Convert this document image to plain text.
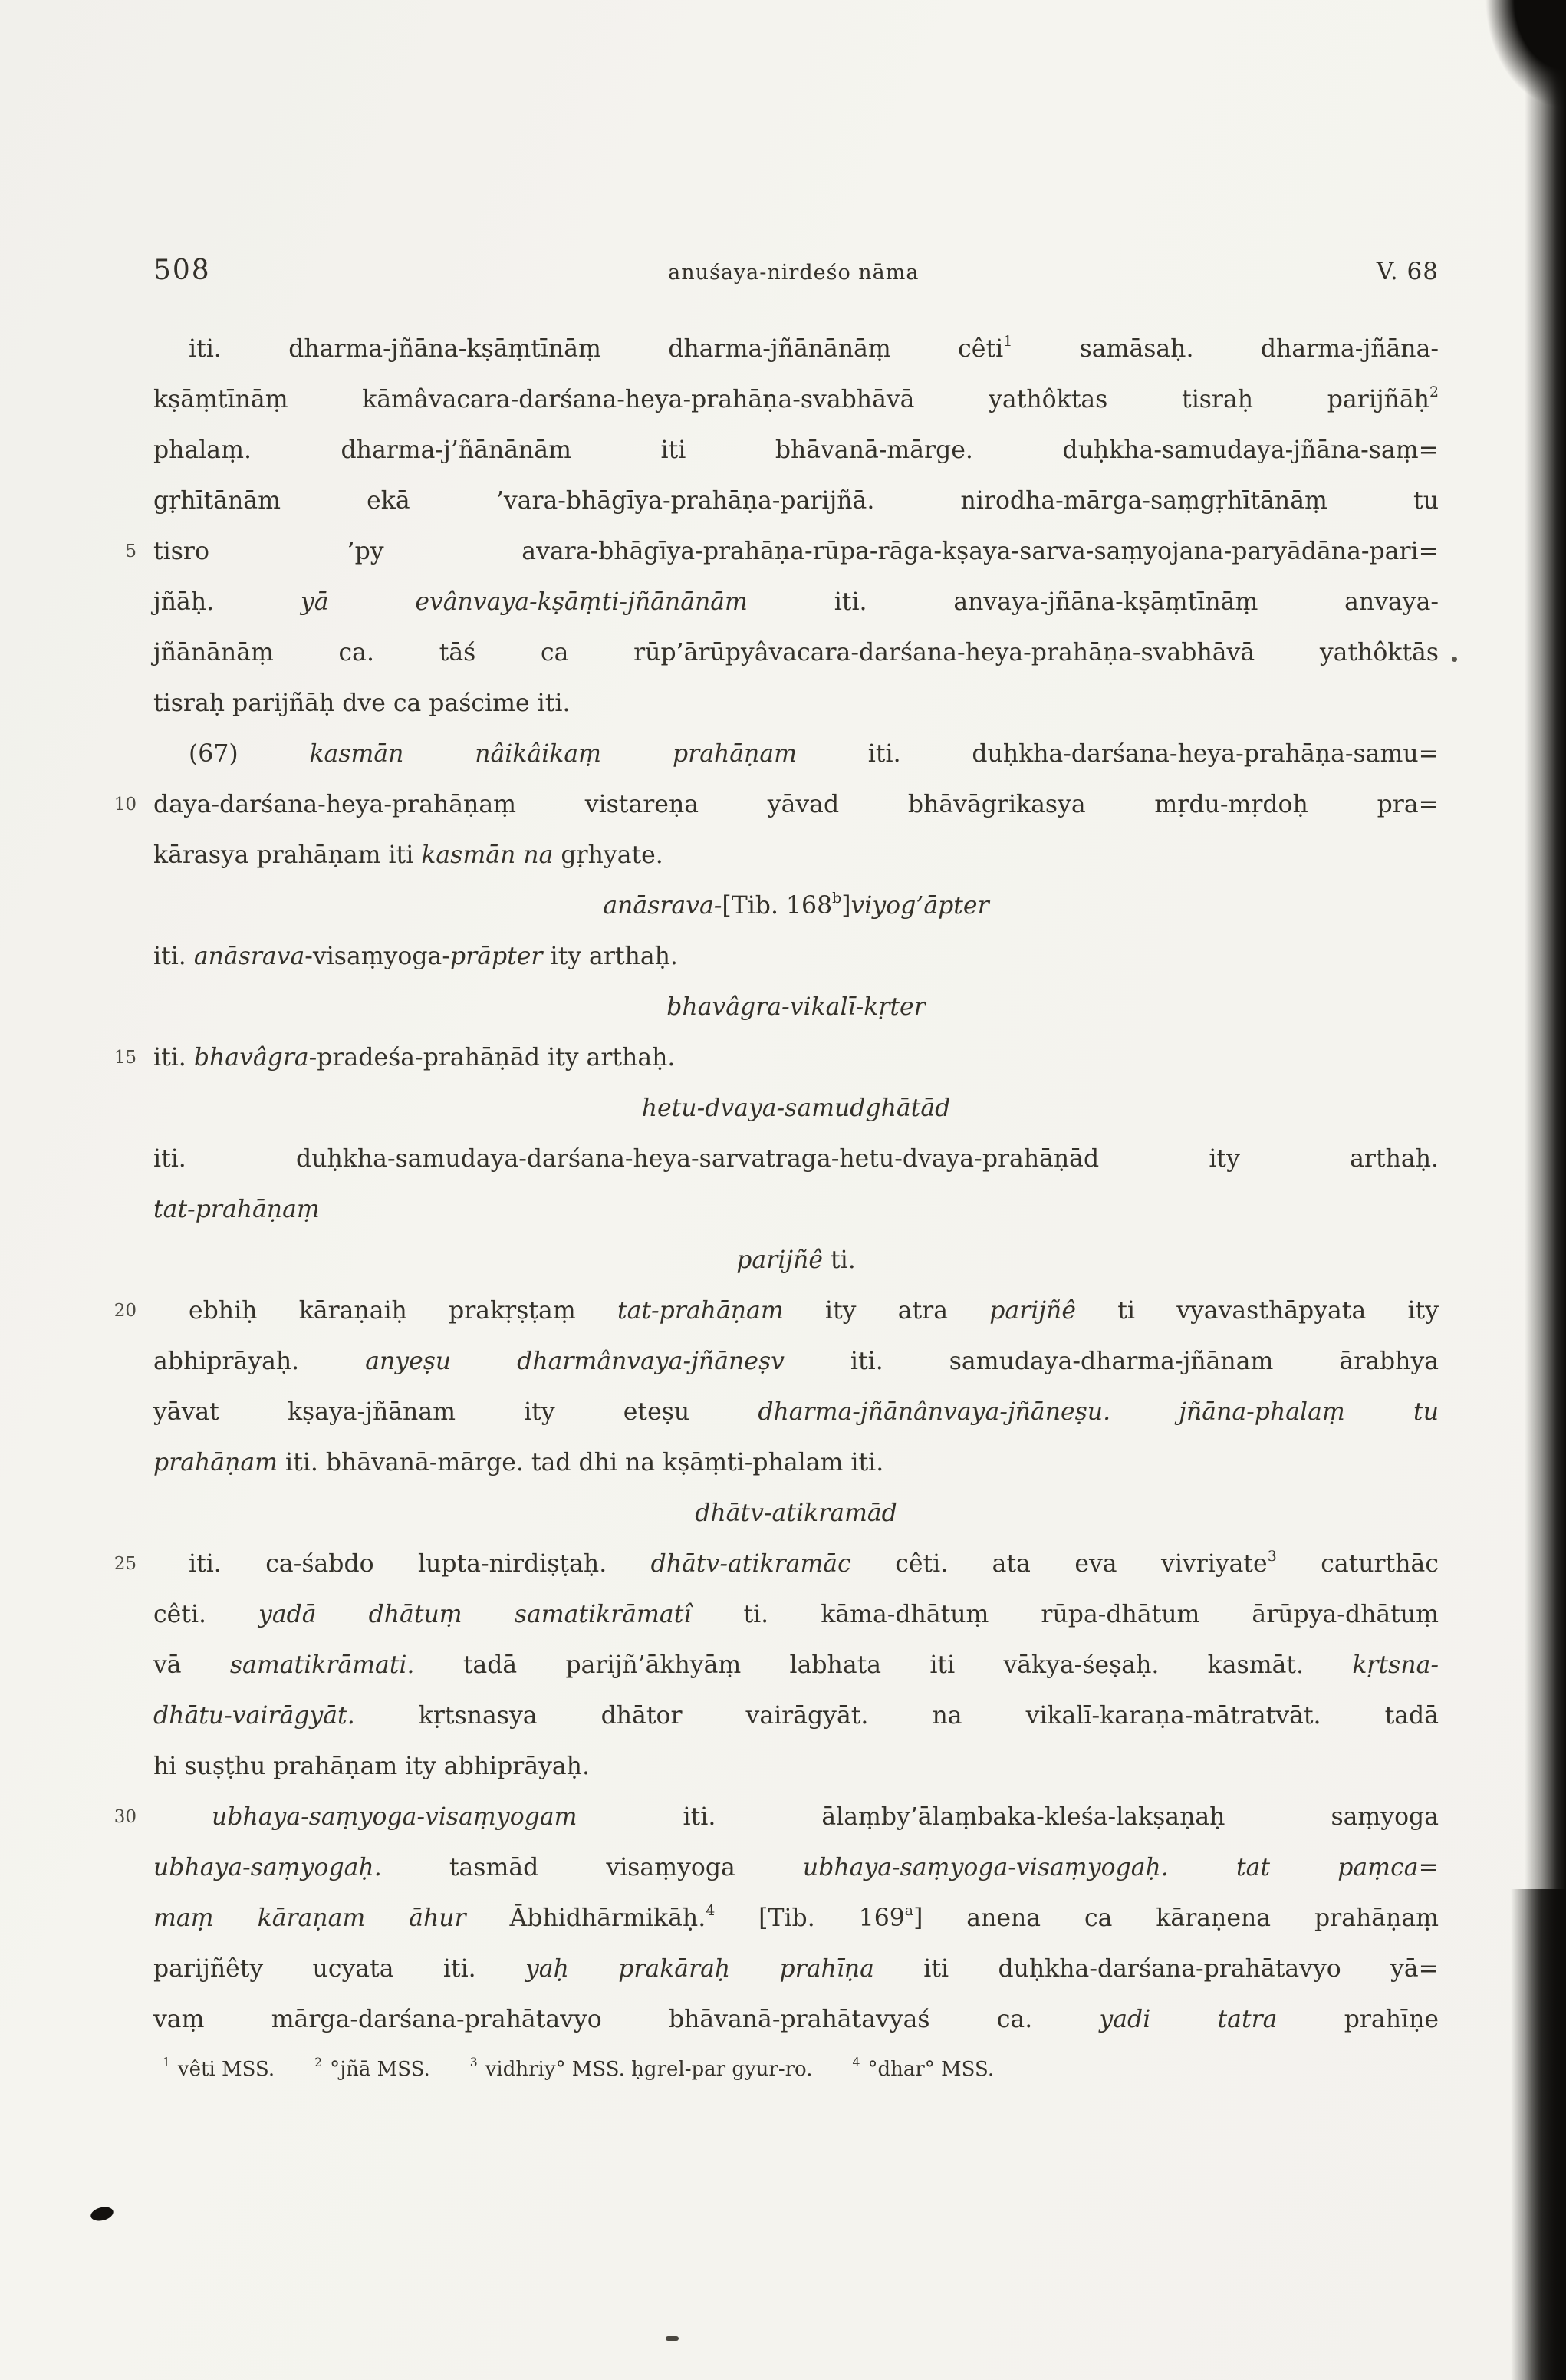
508	anuśaya-nirdeśo nāma	V. 68
iti. dharma-jñāna-kṣāṃtīnāṃ dharma-jñānānāṃ cêti$^1$ samāsaḥ. dharma-jñāna-
kṣāṃtīnāṃ kāmâvacara-darśana-heya-prahāṇa-svabhāvā yathôktas tisraḥ parijñāḥ$^2$
phalaṃ. dharma-j’ñānānām iti bhāvanā-mārge. duḥkha-samudaya-jñāna-saṃ=
gṛhītānām ekā ’vara-bhāgīya-prahāṇa-parijñā. nirodha-mārga-saṃgṛhītānāṃ tu
5 tisro ’py avara-bhāgīya-prahāṇa-rūpa-rāga-kṣaya-sarva-saṃyojana-paryādāna-pari=
jñāḥ. yā evânvaya-kṣāṃti-jñānānām iti. anvaya-jñāna-kṣāṃtīnāṃ anvaya-
jñānānāṃ ca. tāś ca rūp’ārūpyâvacara-darśana-heya-prahāṇa-svabhāvā yathôktās
tisraḥ parijñāḥ dve ca paścime iti.
(67) kasmān nâikâikaṃ prahāṇam iti. duḥkha-darśana-heya-prahāṇa-samu=
10 daya-darśana-heya-prahāṇaṃ vistareṇa yāvad bhāvāgrikasya mṛdu-mṛdoḥ pra=
kārasya prahāṇam iti kasmān na gṛhyate.
anāsrava-[Tib. 168$^b$]viyog’āpter
iti. anāsrava-visaṃyoga-prāpter ity arthaḥ.
bhavâgra-vikalī-kṛter
15 iti. bhavâgra-pradeśa-prahāṇād ity arthaḥ.
hetu-dvaya-samudghātād
iti. duḥkha-samudaya-darśana-heya-sarvatraga-hetu-dvaya-prahāṇād ity arthaḥ.
tat-prahāṇaṃ
parijñê ti.
20	ebhiḥ kāraṇaiḥ prakṛṣṭaṃ tat-prahāṇam ity atra parijñê ti vyavasthāpyata ity
abhiprāyaḥ. anyeṣu dharmânvaya-jñāneṣv iti. samudaya-dharma-jñānam ārabhya
yāvat kṣaya-jñānam ity eteṣu dharma-jñānânvaya-jñāneṣu.	jñāna-phalaṃ tu
prahāṇam iti. bhāvanā-mārge. tad dhi na kṣāṃti-phalam iti.
dhātv-atikramād
25	iti. ca-śabdo lupta-nirdiṣṭaḥ. dhātv-atikramāc cêti. ata eva vivriyate$^3$ caturthāc
cêti. yadā dhātuṃ samatikrāmatî ti. kāma-dhātuṃ rūpa-dhātum ārūpya-dhātuṃ
vā samatikrāmati. tadā parijñ’ākhyāṃ labhata iti vākya-śeṣaḥ. kasmāt. kṛtsna-
dhātu-vairāgyāt. kṛtsnasya dhātor vairāgyāt. na vikalī-karaṇa-mātratvāt. tadā
hi suṣṭhu prahāṇam ity abhiprāyaḥ.
30	ubhaya-saṃyoga-visaṃyogam iti. ālaṃby’ālaṃbaka-kleśa-lakṣaṇaḥ saṃyoga
ubhaya-saṃyogaḥ. tasmād visaṃyoga ubhaya-saṃyoga-visaṃyogaḥ.	tat paṃca=
maṃ kāraṇam āhur Ābhidhārmikāḥ.$^4$ [Tib. 169$^a$] anena ca kāraṇena prahāṇaṃ
parijñêty ucyata iti. yaḥ prakāraḥ prahīṇa iti duḥkha-darśana-prahātavyo yā=
vaṃ mārga-darśana-prahātavyo bhāvanā-prahātavyaś ca. yadi tatra prahīṇe
$^1$ vêti MSS.	$^2$ °jñā MSS.	$^3$ vidhriy° MSS. ḥgrel-par gyur-ro.	$^4$ °dhar° MSS.
